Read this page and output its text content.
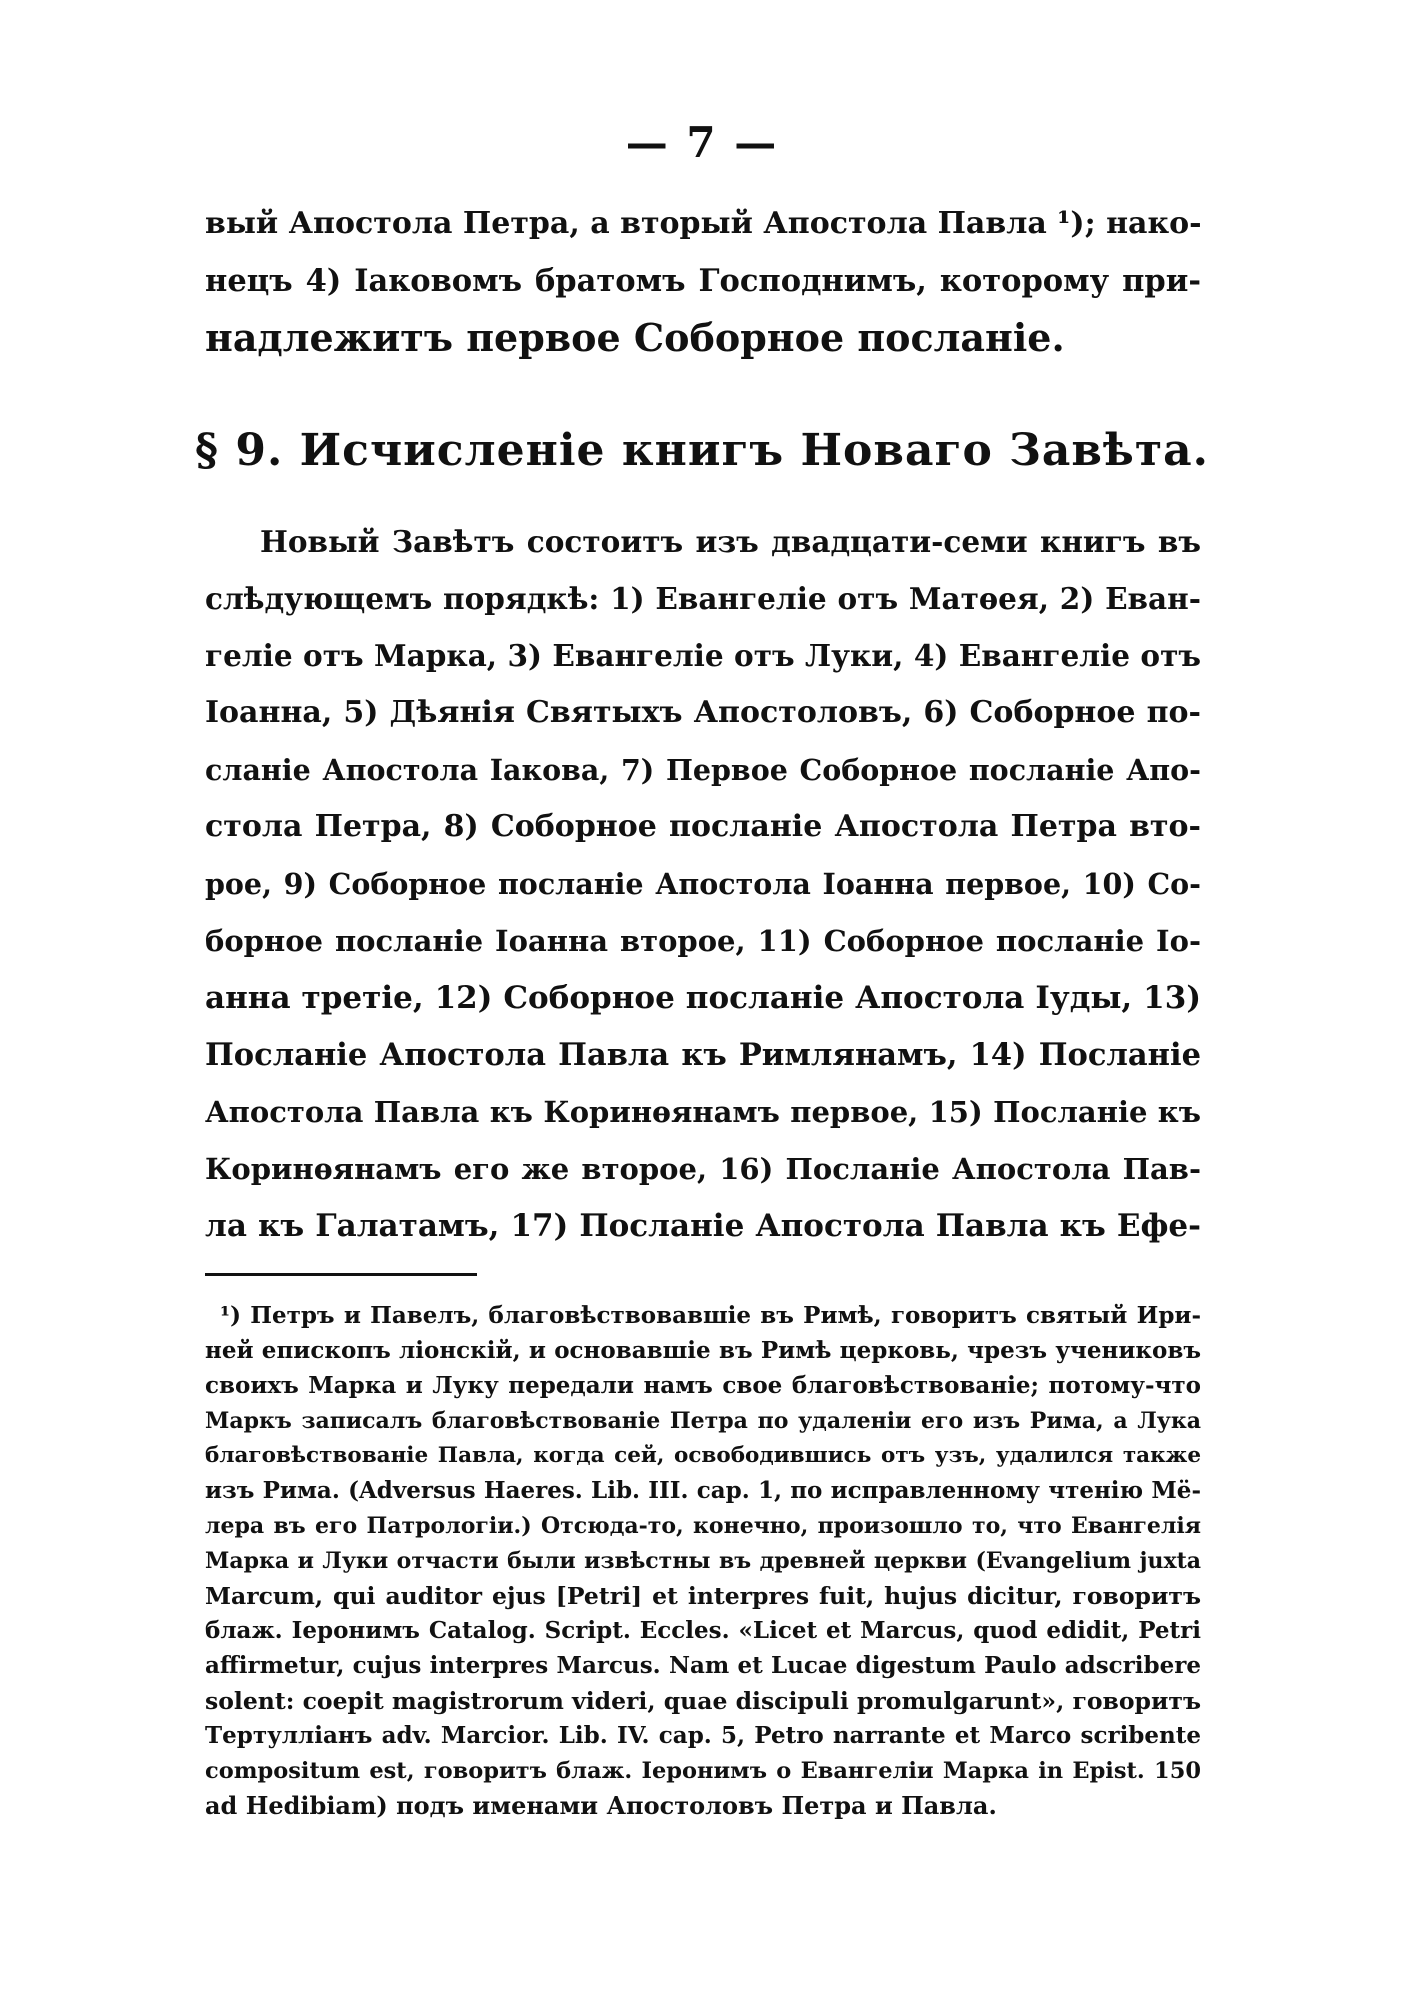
— 7 —
вый Апостола Петра, а вторый Апостола Павла ¹); нако-
нецъ 4) Іаковомъ братомъ Господнимъ, которому при-
надлежитъ первое Соборное посланіе.
§ 9. Исчисленіе книгъ Новаго Завѣта.
Новый Завѣтъ состоитъ изъ двадцати-семи книгъ въ
слѣдующемъ порядкѣ: 1) Евангеліе отъ Матѳея, 2) Еван-
геліе отъ Марка, 3) Евангеліе отъ Луки, 4) Евангеліе отъ
Іоанна, 5) Дѣянія Святыхъ Апостоловъ, 6) Соборное по-
сланіе Апостола Іакова, 7) Первое Соборное посланіе Апо-
стола Петра, 8) Соборное посланіе Апостола Петра вто-
рое, 9) Соборное посланіе Апостола Іоанна первое, 10) Со-
борное посланіе Іоанна второе, 11) Соборное посланіе Іо-
анна третіе, 12) Соборное посланіе Апостола Іуды, 13)
Посланіе Апостола Павла къ Римлянамъ, 14) Посланіе
Апостола Павла къ Коринѳянамъ первое, 15) Посланіе къ
Коринѳянамъ его же второе, 16) Посланіе Апостола Пав-
ла къ Галатамъ, 17) Посланіе Апостола Павла къ Ефе-
¹) Петръ и Павелъ, благовѣствовавшіе въ Римѣ, говоритъ святый Ири-
ней епископъ ліонскій, и основавшіе въ Римѣ церковь, чрезъ учениковъ
своихъ Марка и Луку передали намъ свое благовѣствованіе; потому-что
Маркъ записалъ благовѣствованіе Петра по удаленіи его изъ Рима, а Лука
благовѣствованіе Павла, когда сей, освободившись отъ узъ, удалился также
изъ Рима. (Adversus Haeres. Lib. III. cap. 1, по исправленному чтенію Мё-
лера въ его Патрологіи.) Отсюда-то, конечно, произошло то, что Евангелія
Марка и Луки отчасти были извѣстны въ древней церкви (Evangelium juxta
Marcum, qui auditor ejus [Petri] et interpres fuit, hujus dicitur, говоритъ
блаж. Іеронимъ Catalog. Script. Eccles. «Licet et Marcus, quod edidit, Petri
affirmetur, cujus interpres Marcus. Nam et Lucae digestum Paulo adscribere
solent: coepit magistrorum videri, quae discipuli promulgarunt», говоритъ
Тертулліанъ adv. Marcior. Lib. IV. cap. 5, Petro narrante et Marco scribente
compositum est, говоритъ блаж. Іеронимъ о Евангеліи Марка in Epist. 150
ad Hedibiam) подъ именами Апостоловъ Петра и Павла.
